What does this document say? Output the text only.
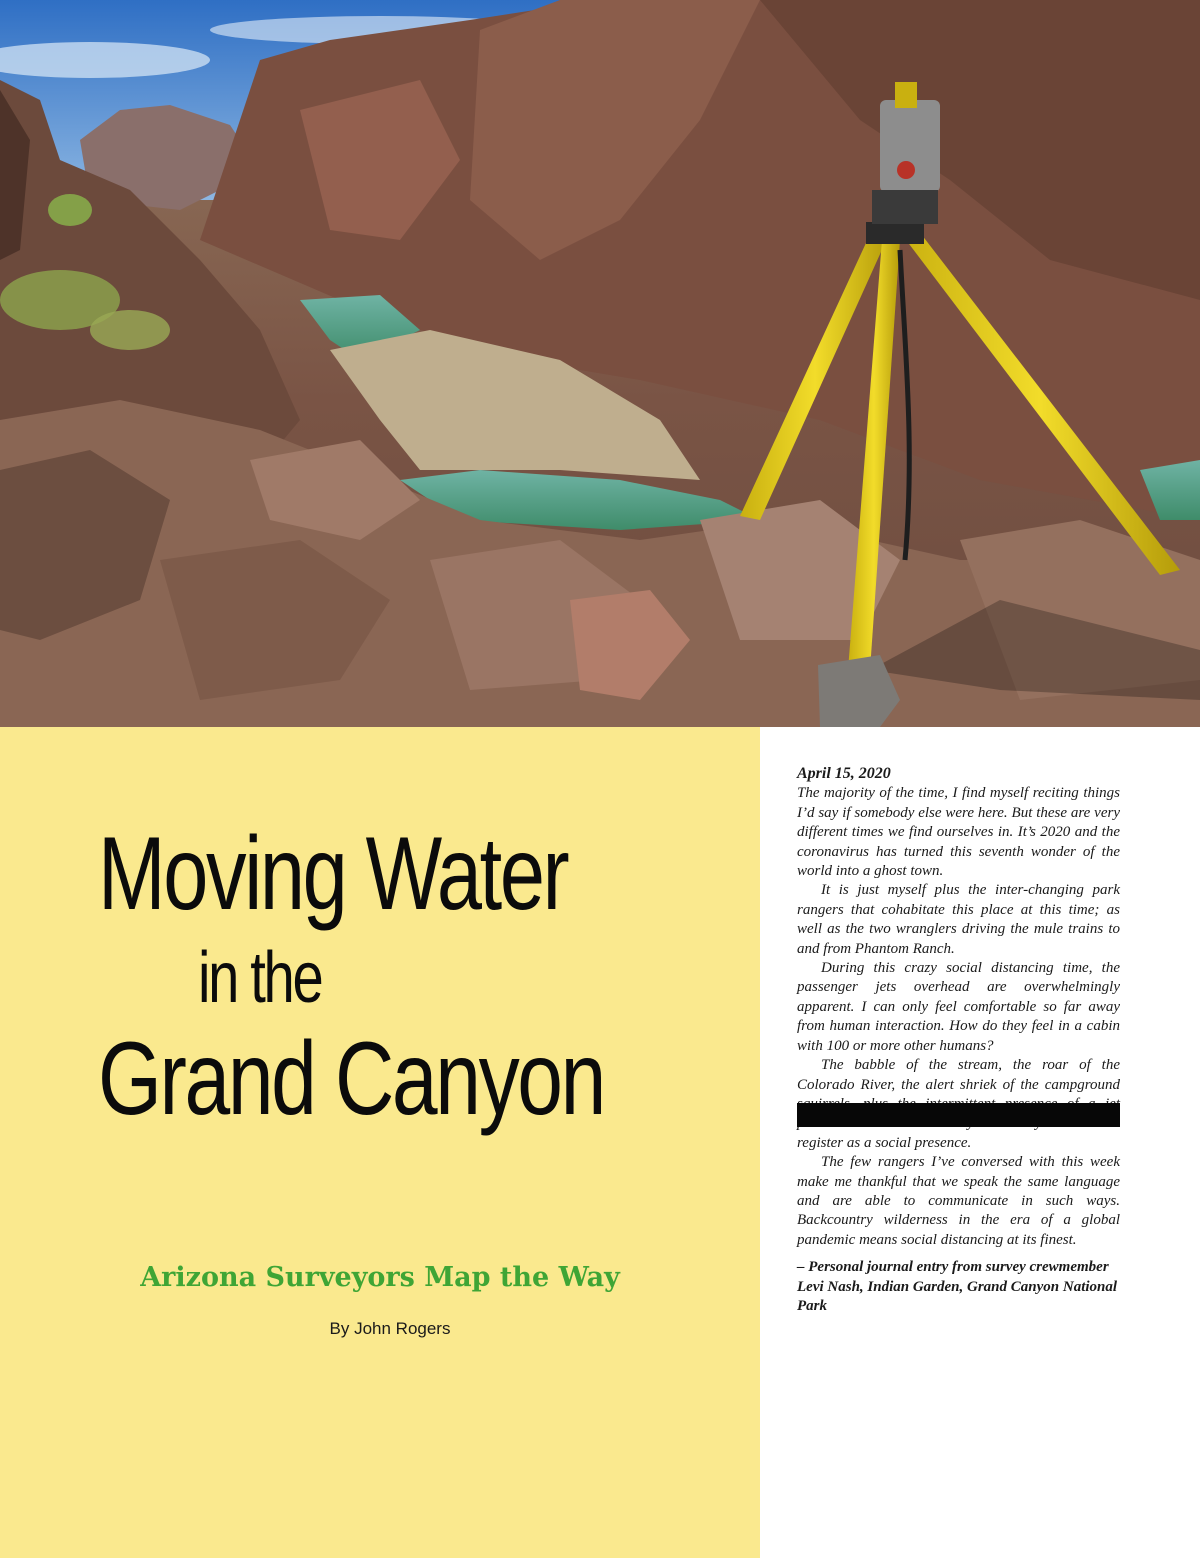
Moving Water
in the
Grand Canyon

Arizona Surveyors Map the Way

By John Rogers

April 15, 2020

The majority of the time, I find myself reciting things I’d say if somebody else were here. But these are very different times we find ourselves in. It’s 2020 and the coronavirus has turned this seventh wonder of the world into a ghost town.

It is just myself plus the inter-changing park rangers that cohabitate this place at this time; as well as the two wranglers driving the mule trains to and from Phantom Ranch.

During this crazy social distancing time, the passenger jets overhead are overwhelmingly apparent. I can only feel comfortable so far away from human interaction. How do they feel in a cabin with 100 or more other humans?

The babble of the stream, the roar of the Colorado River, the alert shriek of the campground register as a social presence.

The few rangers I’ve conversed with this week make me thankful that we speak the same language and are able to communicate in such ways. Backcountry wilderness in the era of a global pandemic means social distancing at its finest.

– Personal journal entry from survey crewmember Levi Nash, Indian Garden, Grand Canyon National Park
